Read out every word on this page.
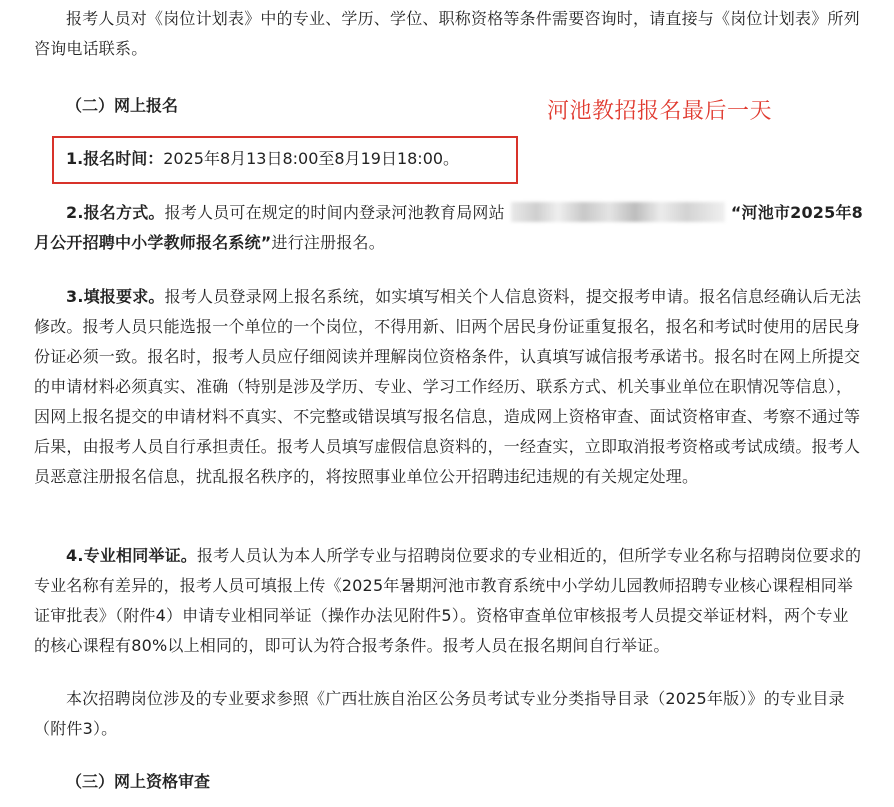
报考人员对《岗位计划表》中的专业、学历、学位、职称资格等条件需要咨询时，请直接与《岗位计划表》所列咨询电话联系。

（二）网上报名	河池教招报名最后一天
1.报名时间：2025年8月13日8:00至8月19日18:00。

2.报名方式。报考人员可在规定的时间内登录河池教育局网站	“河池市2025年8月公开招聘中小学教师报名系统”进行注册报名。

3.填报要求。报考人员登录网上报名系统，如实填写相关个人信息资料，提交报考申请。报名信息经确认后无法修改。报考人员只能选报一个单位的一个岗位，不得用新、旧两个居民身份证重复报名，报名和考试时使用的居民身份证必须一致。报名时，报考人员应仔细阅读并理解岗位资格条件，认真填写诚信报考承诺书。报名时在网上所提交的申请材料必须真实、准确（特别是涉及学历、专业、学习工作经历、联系方式、机关事业单位在职情况等信息），因网上报名提交的申请材料不真实、不完整或错误填写报名信息，造成网上资格审查、面试资格审查、考察不通过等后果，由报考人员自行承担责任。报考人员填写虚假信息资料的，一经查实，立即取消报考资格或考试成绩。报考人员恶意注册报名信息，扰乱报名秩序的，将按照事业单位公开招聘违纪违规的有关规定处理。

4.专业相同举证。报考人员认为本人所学专业与招聘岗位要求的专业相近的，但所学专业名称与招聘岗位要求的专业名称有差异的，报考人员可填报上传《2025年暑期河池市教育系统中小学幼儿园教师招聘专业核心课程相同举证审批表》（附件4）申请专业相同举证（操作办法见附件5）。资格审查单位审核报考人员提交举证材料，两个专业的核心课程有80%以上相同的，即可认为符合报考条件。报考人员在报名期间自行举证。

本次招聘岗位涉及的专业要求参照《广西壮族自治区公务员考试专业分类指导目录（2025年版）》的专业目录（附件3）。

（三）网上资格审查
